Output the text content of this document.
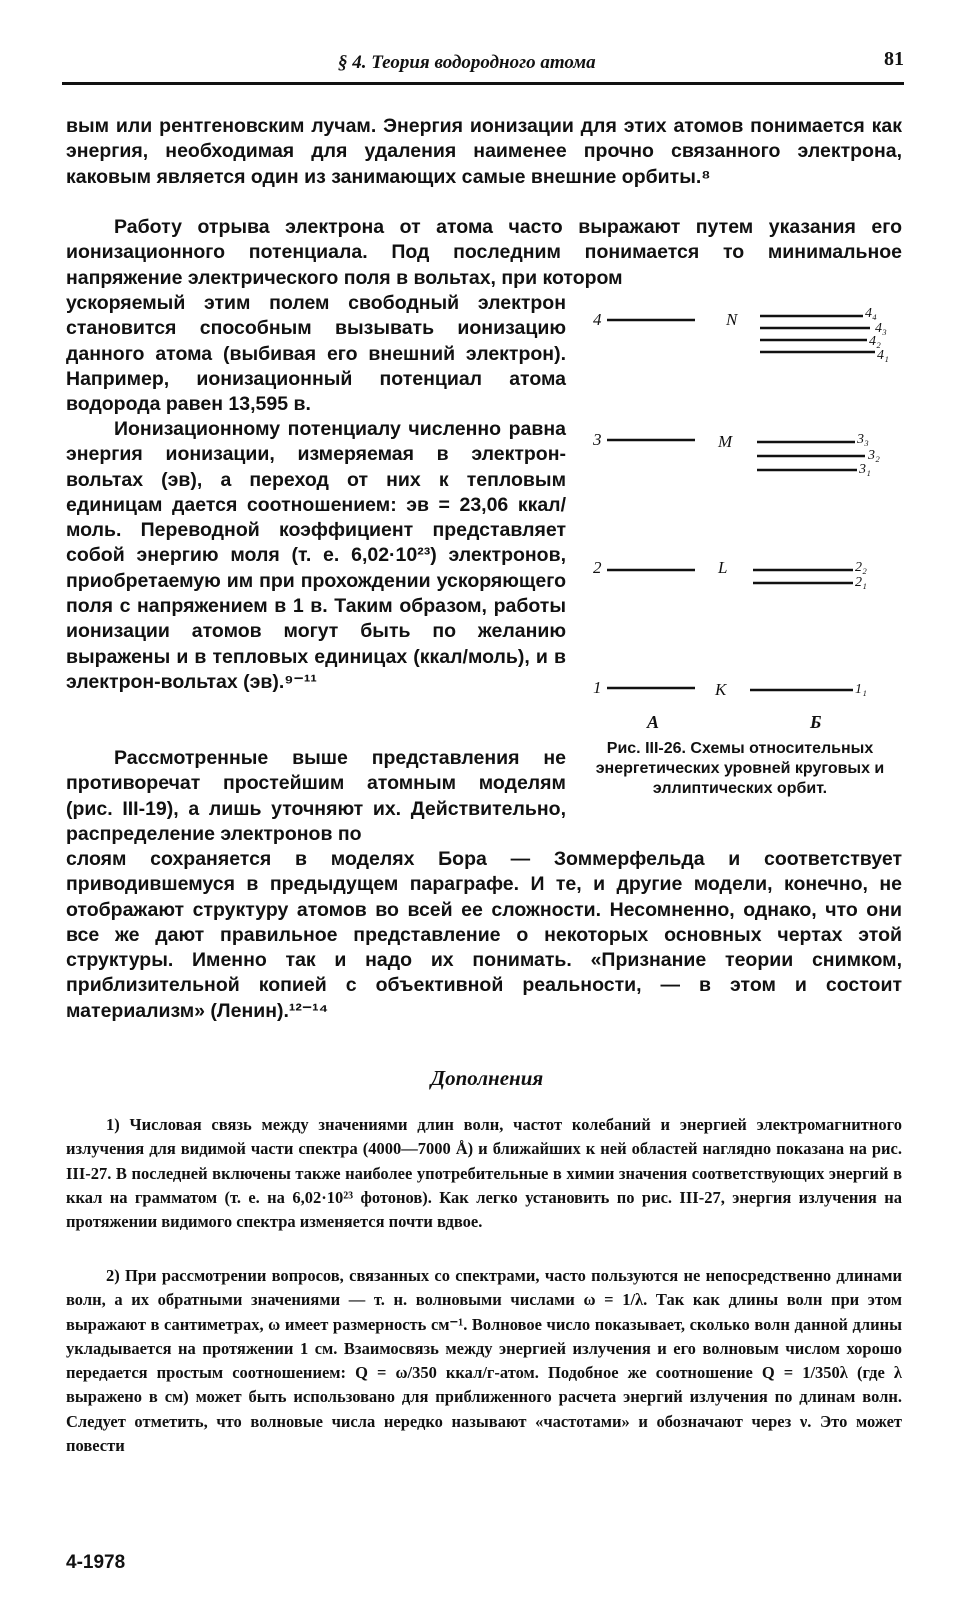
§ 4. Теория водородного атома	81

вым или рентгеновским лучам. Энергия ионизации для этих атомов понимается как энергия, необходимая для удаления наименее прочно связанного электрона, каковым является один из занимающих самые внешние орбиты.⁸

Работу отрыва электрона от атома часто выражают путем указания его ионизационного потенциала. Под последним понимается то минимальное напряжение электрического поля в вольтах, при котором

ускоряемый этим полем свободный электрон становится способным вызывать ионизацию данного атома (выбивая его внешний электрон). Например, ионизационный потенциал атома водорода равен 13,595 в.

Ионизационному потенциалу численно равна энергия ионизации, измеряемая в электрон-вольтах (эв), а переход от них к тепловым единицам дается соотношением: эв = 23,06 ккал/моль. Переводной коэффициент представляет собой энергию моля (т. е. 6,02·10²³) электронов, приобретаемую им при прохождении ускоряющего поля с напряжением в 1 в. Таким образом, работы ионизации атомов могут быть по желанию выражены и в тепловых единицах (ккал/моль), и в электрон-вольтах (эв).⁹⁻¹¹

Рассмотренные выше представления не противоречат простейшим атомным моделям (рис. III-19), а лишь уточняют их. Действительно, распределение электронов по

слоям сохраняется в моделях Бора — Зоммерфельда и соответствует приводившемуся в предыдущем параграфе. И те, и другие модели, конечно, не отображают структуру атомов во всей ее сложности. Несомненно, однако, что они все же дают правильное представление о некоторых основных чертах этой структуры. Именно так и надо их понимать. «Признание теории снимком, приблизительной копией с объективной реальности, — в этом и состоит материализм» (Ленин).¹²⁻¹⁴

4
3
2
1
N
M
L
K
4₄
4₃
4₂
4₁
3₃
3₂
3₁
2₂
2₁
1₁
А	Б
Рис. III-26. Схемы относительных энергетических уровней круговых и эллиптических орбит.
Дополнения

1) Числовая связь между значениями длин волн, частот колебаний и энергией электромагнитного излучения для видимой части спектра (4000—7000 Å) и ближайших к ней областей наглядно показана на рис. III-27. В последней включены также наиболее употребительные в химии значения соответствующих энергий в ккал на грамматом (т. е. на 6,02·10²³ фотонов). Как легко установить по рис. III-27, энергия излучения на протяжении видимого спектра изменяется почти вдвое.

2) При рассмотрении вопросов, связанных со спектрами, часто пользуются не непосредственно длинами волн, а их обратными значениями — т. н. волновыми числами ω = 1/λ. Так как длины волн при этом выражают в сантиметрах, ω имеет размерность см⁻¹. Волновое число показывает, сколько волн данной длины укладывается на протяжении 1 см. Взаимосвязь между энергией излучения и его волновым числом хорошо передается простым соотношением: Q = ω/350 ккал/г-атом. Подобное же соотношение Q = 1/350λ (где λ выражено в см) может быть использовано для приближенного расчета энергий излучения по длинам волн. Следует отметить, что волновые числа нередко называют «частотами» и обозначают через ν. Это может повести

4-1978
